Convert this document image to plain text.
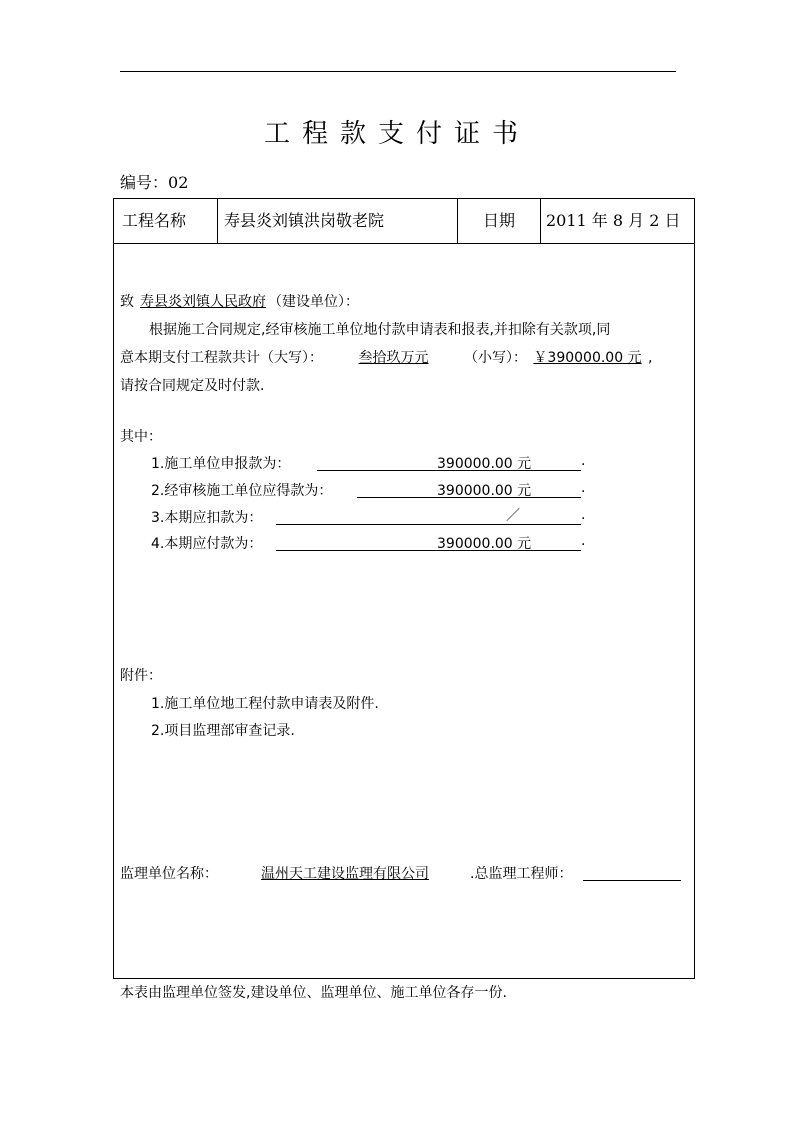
工程款支付证书
编号：02
工程名称	寿县炎刘镇洪岗敬老院	日期	2011 年 8 月 2 日
致 寿县炎刘镇人民政府 （建设单位）：
根据施工合同规定,经审核施工单位地付款申请表和报表,并扣除有关款项,同
意本期支付工程款共计（大写）：	叁拾玖万元	（小写）： ￥390000.00 元 ,
请按合同规定及时付款.
其中：
1.施工单位申报款为：	390000.00 元	.
2.经审核施工单位应得款为：	390000.00 元	.
3.本期应扣款为：	／	.
4.本期应付款为：	390000.00 元	.
附件：
1.施工单位地工程付款申请表及附件.
2.项目监理部审查记录.
监理单位名称：	温州天工建设监理有限公司	.总监理工程师：
本表由监理单位签发,建设单位、监理单位、施工单位各存一份.
